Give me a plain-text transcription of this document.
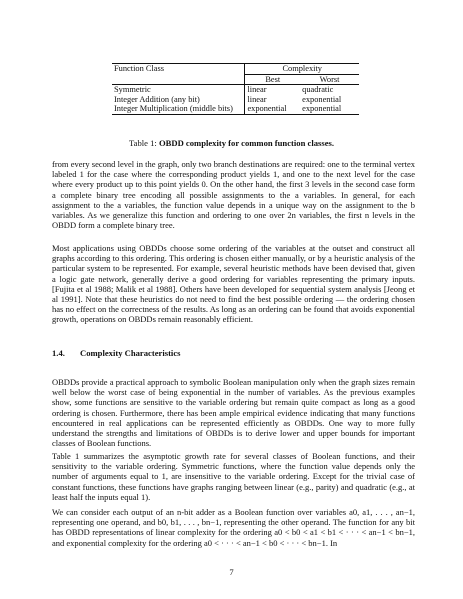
Function Class	Complexity	
	Best	Worst
Symmetric	linear	quadratic
Integer Addition (any bit)	linear	exponential
Integer Multiplication (middle bits)	exponential	exponential
Table 1: OBDD complexity for common function classes.

from every second level in the graph, only two branch destinations are required: one to the terminal vertex labeled 1 for the case where the corresponding product yields 1, and one to the next level for the case where every product up to this point yields 0. On the other hand, the first 3 levels in the second case form a complete binary tree encoding all possible assignments to the a variables. In general, for each assignment to the a variables, the function value depends in a unique way on the assignment to the b variables. As we generalize this function and ordering to one over 2n variables, the first n levels in the OBDD form a complete binary tree.

Most applications using OBDDs choose some ordering of the variables at the outset and construct all graphs according to this ordering. This ordering is chosen either manually, or by a heuristic analysis of the particular system to be represented. For example, several heuristic methods have been devised that, given a logic gate network, generally derive a good ordering for variables representing the primary inputs. [Fujita et al 1988; Malik et al 1988]. Others have been developed for sequential system analysis [Jeong et al 1991]. Note that these heuristics do not need to find the best possible ordering — the ordering chosen has no effect on the correctness of the results. As long as an ordering can be found that avoids exponential growth, operations on OBDDs remain reasonably efficient.

1.4. Complexity Characteristics

OBDDs provide a practical approach to symbolic Boolean manipulation only when the graph sizes remain well below the worst case of being exponential in the number of variables. As the previous examples show, some functions are sensitive to the variable ordering but remain quite compact as long as a good ordering is chosen. Furthermore, there has been ample empirical evidence indicating that many functions encountered in real applications can be represented efficiently as OBDDs. One way to more fully understand the strengths and limitations of OBDDs is to derive lower and upper bounds for important classes of Boolean functions.

Table 1 summarizes the asymptotic growth rate for several classes of Boolean functions, and their sensitivity to the variable ordering. Symmetric functions, where the function value depends only the number of arguments equal to 1, are insensitive to the variable ordering. Except for the trivial case of constant functions, these functions have graphs ranging between linear (e.g., parity) and quadratic (e.g., at least half the inputs equal 1).

We can consider each output of an n-bit adder as a Boolean function over variables a0, a1, . . . , an−1, representing one operand, and b0, b1, . . . , bn−1, representing the other operand. The function for any bit has OBDD representations of linear complexity for the ordering a0 < b0 < a1 < b1 < · · · < an−1 < bn−1, and exponential complexity for the ordering a0 < · · · < an−1 < b0 < · · · < bn−1. In

7
